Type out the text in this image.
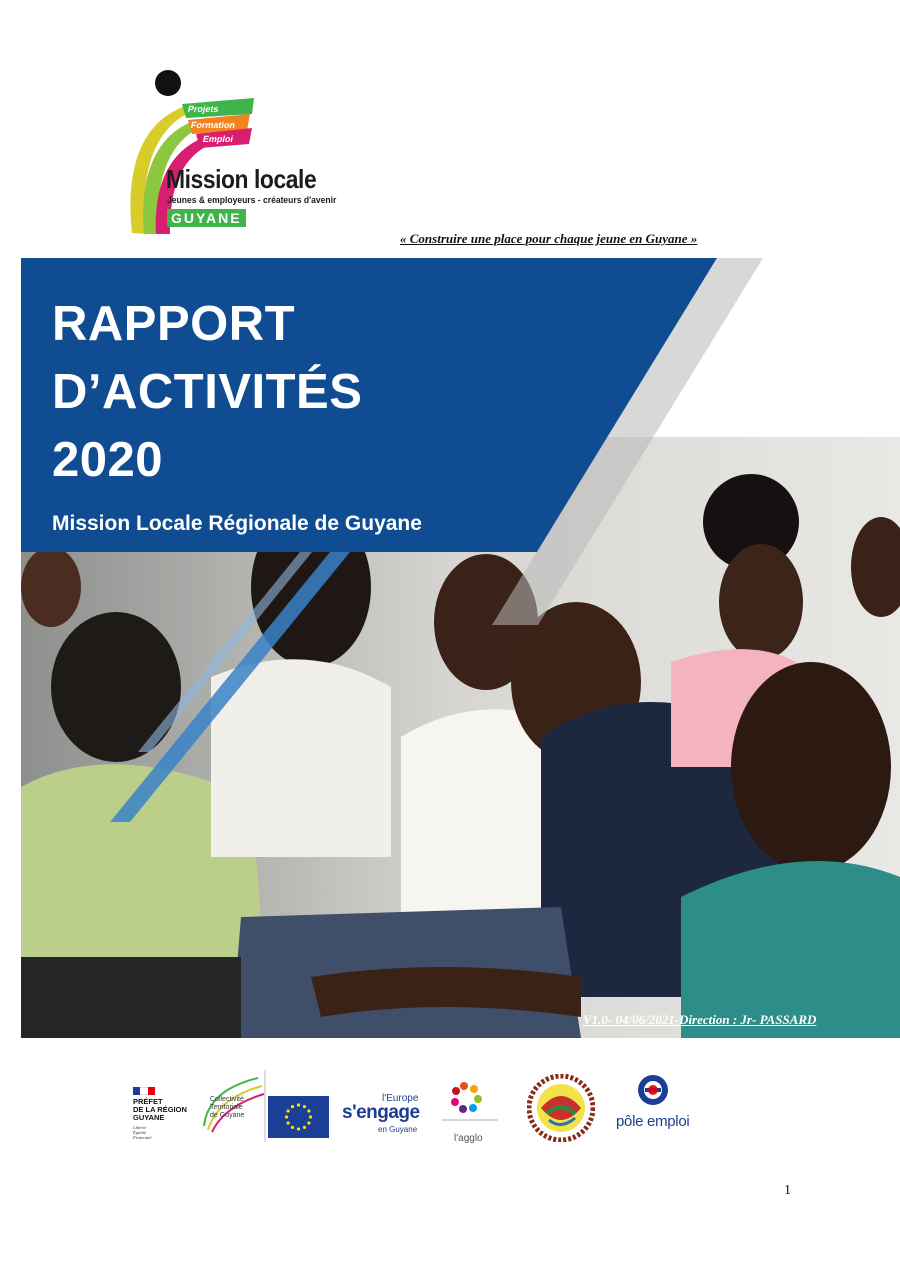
Projets
Formation
Emploi
Mission locale
Jeunes & employeurs - créateurs d'avenir
GUYANE
« Construire une place pour chaque jeune en Guyane »
RAPPORT
D’ACTIVITÉS
2020
Mission Locale Régionale de Guyane
V1.0- 04/06/2021-Direction : Jr- PASSARD
PRÉFET
DE LA RÉGION
GUYANE
Liberté
Égalité
Fraternité
Collectivité
Territoriale
de Guyane
l'Europe
s'engage
en Guyane
l'agglo
pôle emploi
1
